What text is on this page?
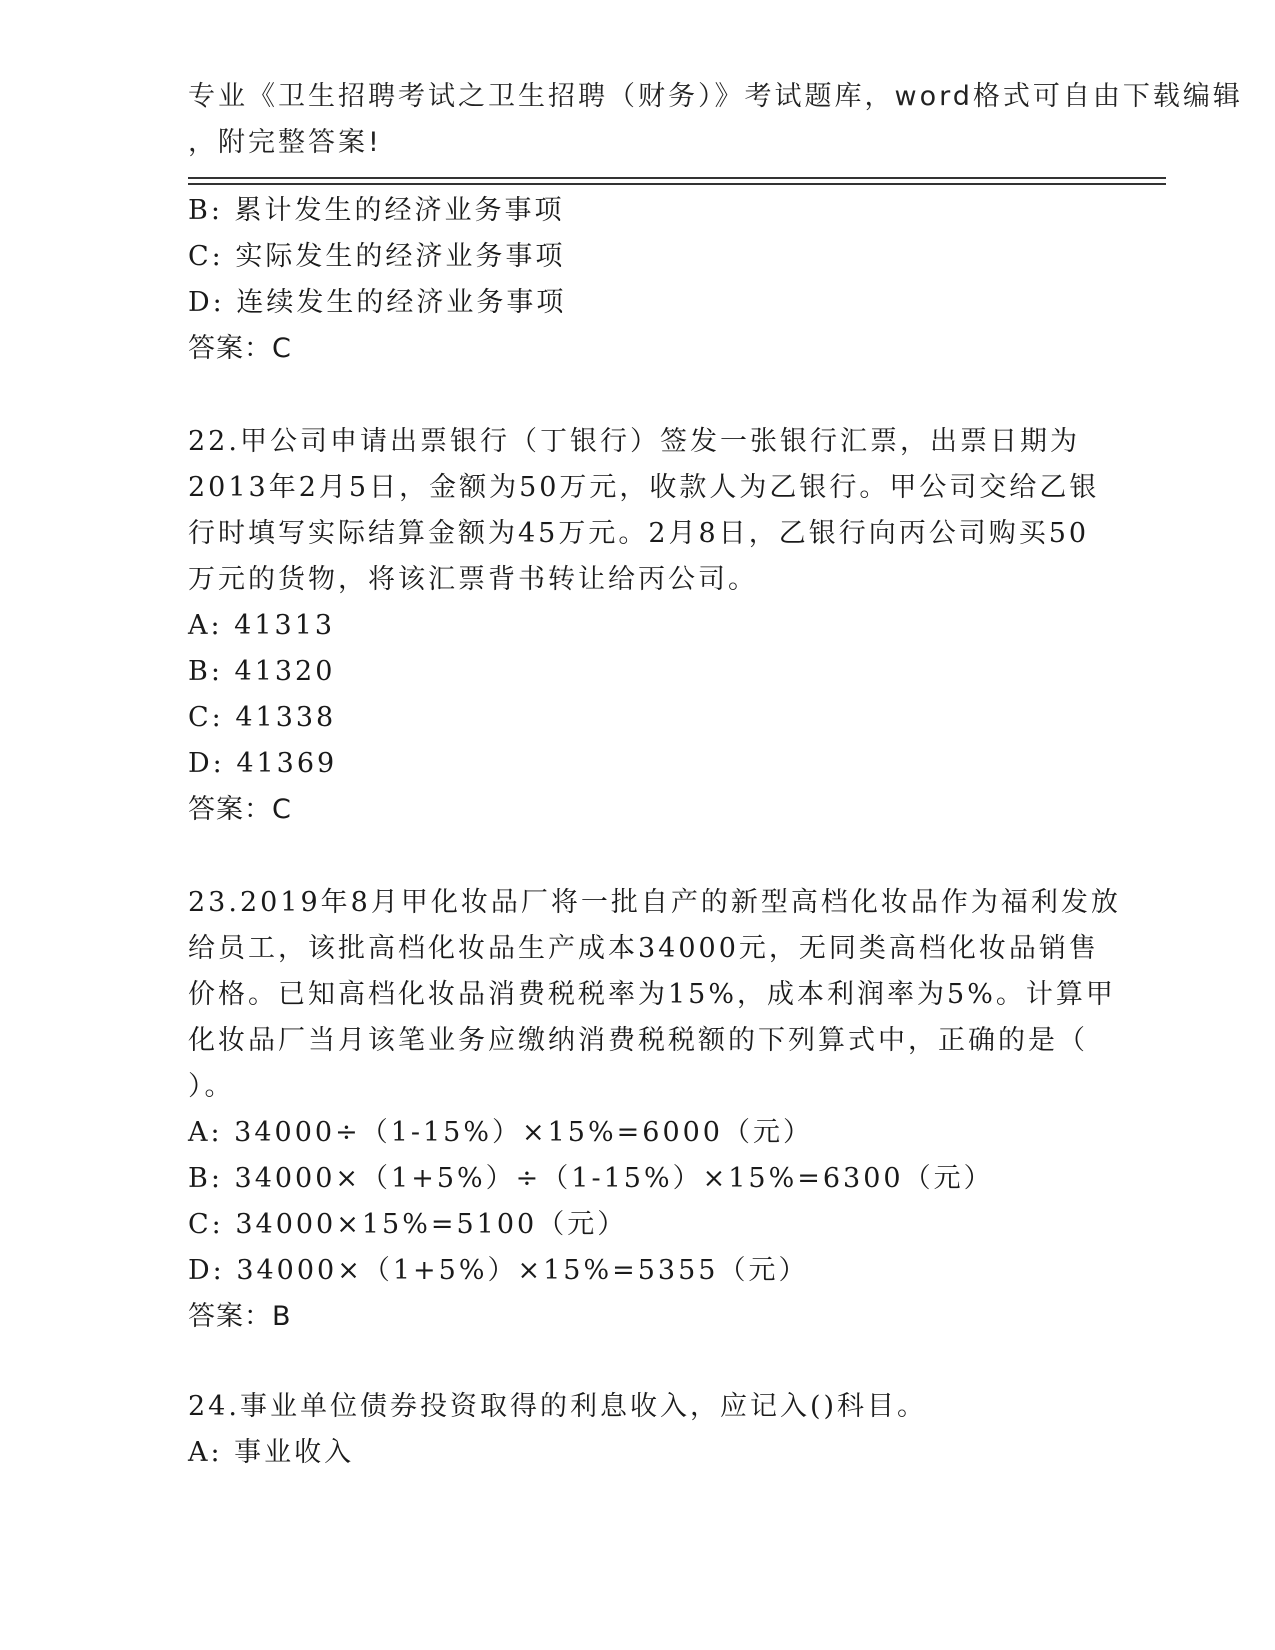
专业《卫生招聘考试之卫生招聘（财务）》考试题库，word格式可自由下载编辑
，附完整答案!
B: 累计发生的经济业务事项
C: 实际发生的经济业务事项
D: 连续发生的经济业务事项
答案：C
22.甲公司申请出票银行（丁银行）签发一张银行汇票，出票日期为
2013年2月5日，金额为50万元，收款人为乙银行。甲公司交给乙银
行时填写实际结算金额为45万元。2月8日，乙银行向丙公司购买50
万元的货物，将该汇票背书转让给丙公司。
A: 41313
B: 41320
C: 41338
D: 41369
答案：C
23.2019年8月甲化妆品厂将一批自产的新型高档化妆品作为福利发放
给员工，该批高档化妆品生产成本34000元，无同类高档化妆品销售
价格。已知高档化妆品消费税税率为15%，成本利润率为5%。计算甲
化妆品厂当月该笔业务应缴纳消费税税额的下列算式中，正确的是（
）。
A: 34000÷（1-15%）×15%=6000（元）
B: 34000×（1+5%）÷（1-15%）×15%=6300（元）
C: 34000×15%=5100（元）
D: 34000×（1+5%）×15%=5355（元）
答案：B
24.事业单位债券投资取得的利息收入，应记入()科目。
A: 事业收入
